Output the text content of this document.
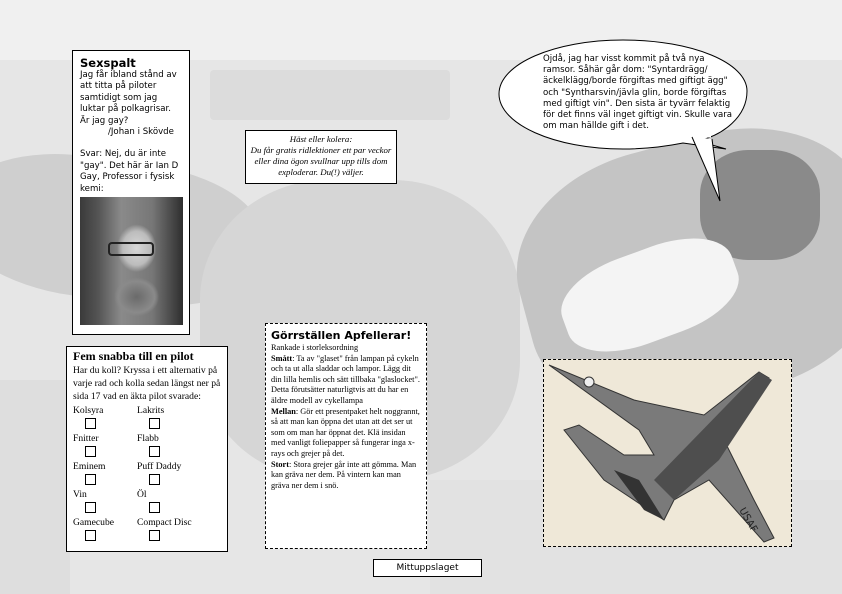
Sexspalt
Jag får ibland stånd av att titta på piloter samtidigt som jag luktar på polkagrisar. Är jag gay?
/Johan i Skövde
Svar: Nej, du är inte "gay". Det här är Ian D Gay, Professor i fysisk kemi:
Häst eller kolera:
Du får gratis ridlektioner ett par veckor eller dina ögon svullnar upp tills dom exploderar. Du(!) väljer.
Ojdå, jag har visst kommit på två nya ramsor. Såhär går dom: "Syntardrägg/äckelklägg/borde förgiftas med giftigt ägg" och "Syntharsvin/jävla glin, borde förgiftas med giftigt vin". Den sista är tyvärr felaktig för det finns väl inget giftigt vin. Skulle vara om man hällde gift i det.
Fem snabba till en pilot
Har du koll? Kryssa i ett alternativ på varje rad och kolla sedan längst ner på sida 17 vad en äkta pilot svarade:
Kolsyra	Lakrits
Fnitter	Flabb
Eminem	Puff Daddy
Vin	Öl
Gamecube	Compact Disc
Görrställen Apfellerar!
Rankade i storleksordning
Smått: Ta av "glaset" från lampan på cykeln och ta ut alla sladdar och lampor. Lägg dit din lilla hemlis och sätt tillbaka "glaslocket". Detta förutsätter naturligtvis att du har en äldre modell av cykellampa
Mellan: Gör ett presentpaket helt noggrannt, så att man kan öppna det utan att det ser ut som om man har öppnat det. Klä insidan med vanligt foliepapper så fungerar inga x-rays och grejer på det.
Stort: Stora grejer går inte att gömma. Man kan gräva ner dem. På vintern kan man gräva ner dem i snö.
USAF
Mittuppslaget
